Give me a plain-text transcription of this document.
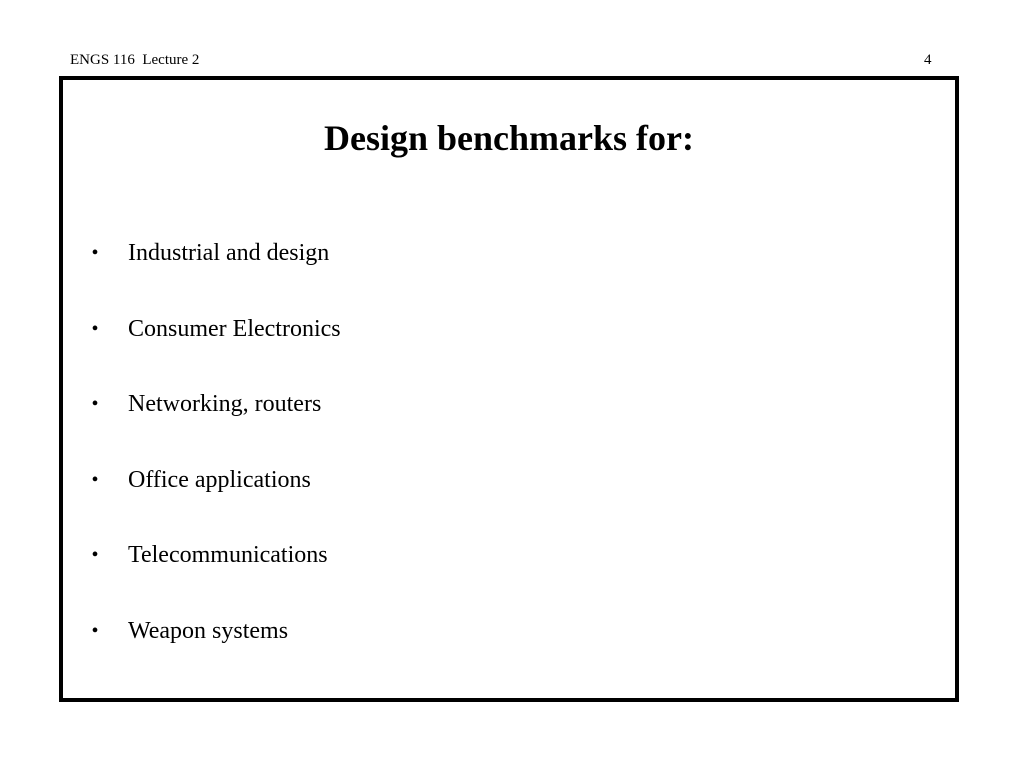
ENGS 116  Lecture 2	4
Design benchmarks for:
• Industrial and design
• Consumer Electronics
• Networking, routers
• Office applications
• Telecommunications
• Weapon systems
